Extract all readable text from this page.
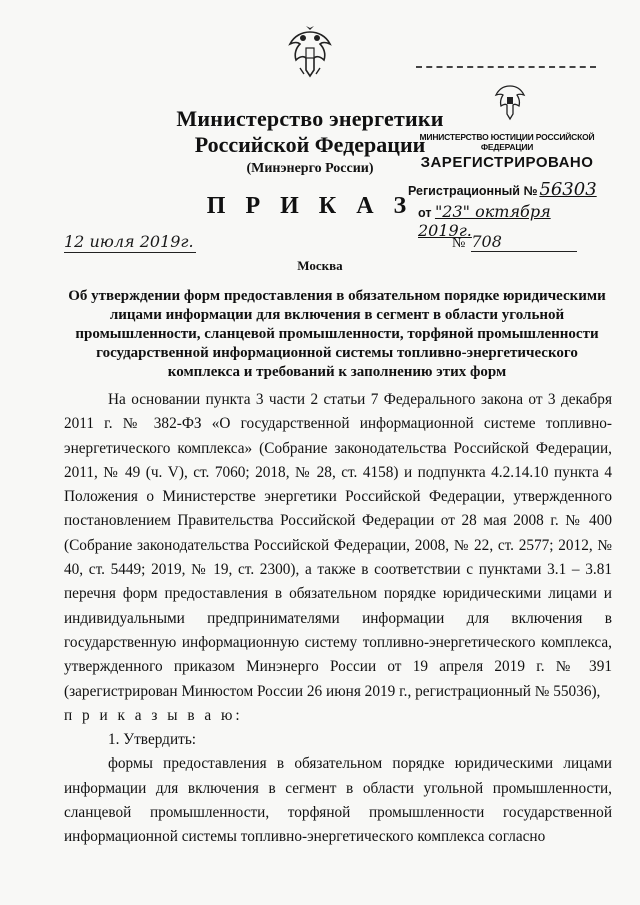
Министерство энергетики
Российской Федерации
(Минэнерго России)
П Р И К А З
12 июля 2019г.	№ 708
Москва
МИНИСТЕРСТВО ЮСТИЦИИ РОССИЙСКОЙ ФЕДЕРАЦИИ
ЗАРЕГИСТРИРОВАНО
Регистрационный № 56303
от "23" октября 2019г.
Об утверждении форм предоставления в обязательном порядке юридическими лицами информации для включения в сегмент в области угольной промышленности, сланцевой промышленности, торфяной промышленности государственной информационной системы топливно-энергетического комплекса и требований к заполнению этих форм

На основании пункта 3 части 2 статьи 7 Федерального закона от 3 декабря 2011 г. № 382-ФЗ «О государственной информационной системе топливно-энергетического комплекса» (Собрание законодательства Российской Федерации, 2011, № 49 (ч. V), ст. 7060; 2018, № 28, ст. 4158) и подпункта 4.2.14.10 пункта 4 Положения о Министерстве энергетики Российской Федерации, утвержденного постановлением Правительства Российской Федерации от 28 мая 2008 г. № 400 (Собрание законодательства Российской Федерации, 2008, № 22, ст. 2577; 2012, № 40, ст. 5449; 2019, № 19, ст. 2300), а также в соответствии с пунктами 3.1 – 3.81 перечня форм предоставления в обязательном порядке юридическими лицами и индивидуальными предпринимателями информации для включения в государственную информационную систему топливно-энергетического комплекса, утвержденного приказом Минэнерго России от 19 апреля 2019 г. № 391 (зарегистрирован Минюстом России 26 июня 2019 г., регистрационный № 55036),

п р и к а з ы в а ю:

1. Утвердить:

формы предоставления в обязательном порядке юридическими лицами информации для включения в сегмент в области угольной промышленности, сланцевой промышленности, торфяной промышленности государственной информационной системы топливно-энергетического комплекса согласно
